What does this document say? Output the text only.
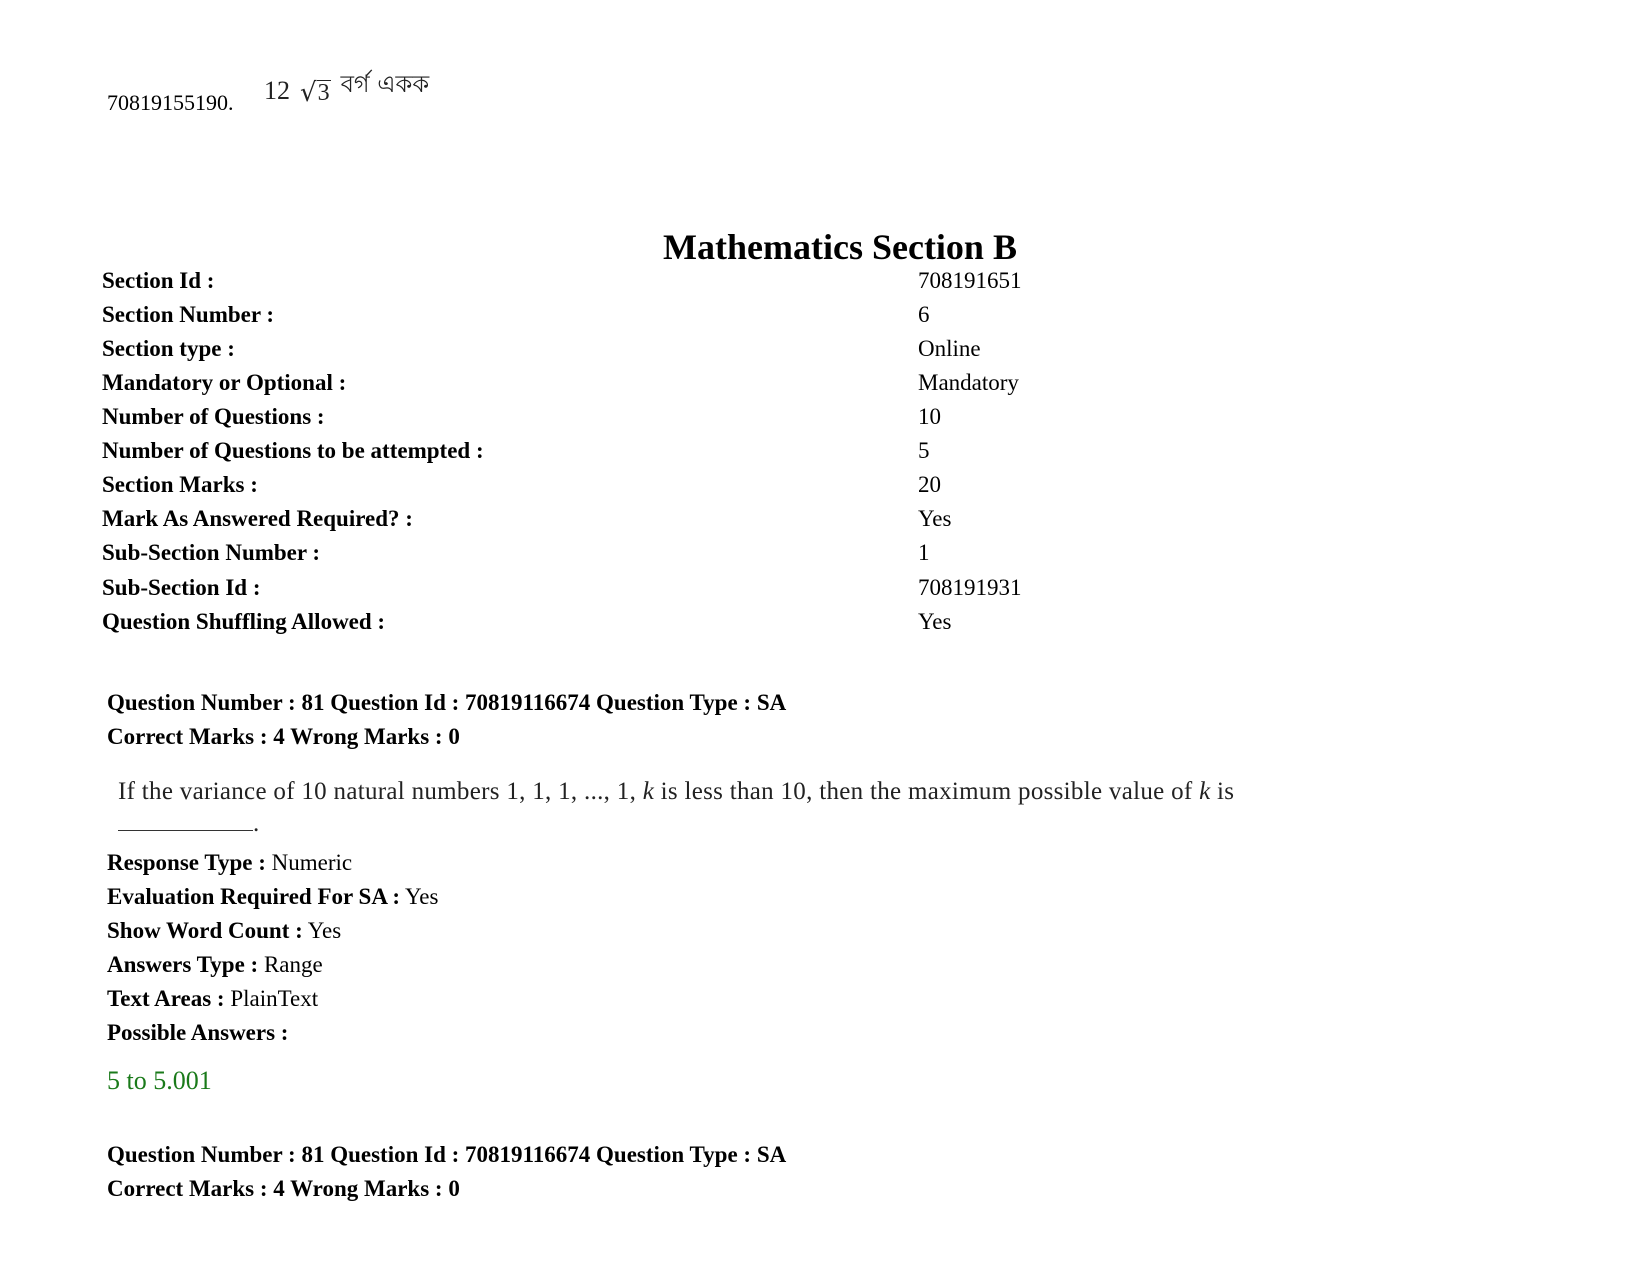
70819155190. 12 √ 3 বর্গ একক
Mathematics Section B
Section Id :	708191651
Section Number :	6
Section type :	Online
Mandatory or Optional :	Mandatory
Number of Questions :	10
Number of Questions to be attempted :	5
Section Marks :	20
Mark As Answered Required? :	Yes
Sub-Section Number :	1
Sub-Section Id :	708191931
Question Shuffling Allowed :	Yes
Question Number : 81 Question Id : 70819116674 Question Type : SA
Correct Marks : 4 Wrong Marks : 0
If the variance of 10 natural numbers 1, 1, 1, ..., 1, k is less than 10, then the maximum possible value of k is .
Response Type : Numeric
Evaluation Required For SA : Yes
Show Word Count : Yes
Answers Type : Range
Text Areas : PlainText
Possible Answers :
5 to 5.001
Question Number : 81 Question Id : 70819116674 Question Type : SA
Correct Marks : 4 Wrong Marks : 0
